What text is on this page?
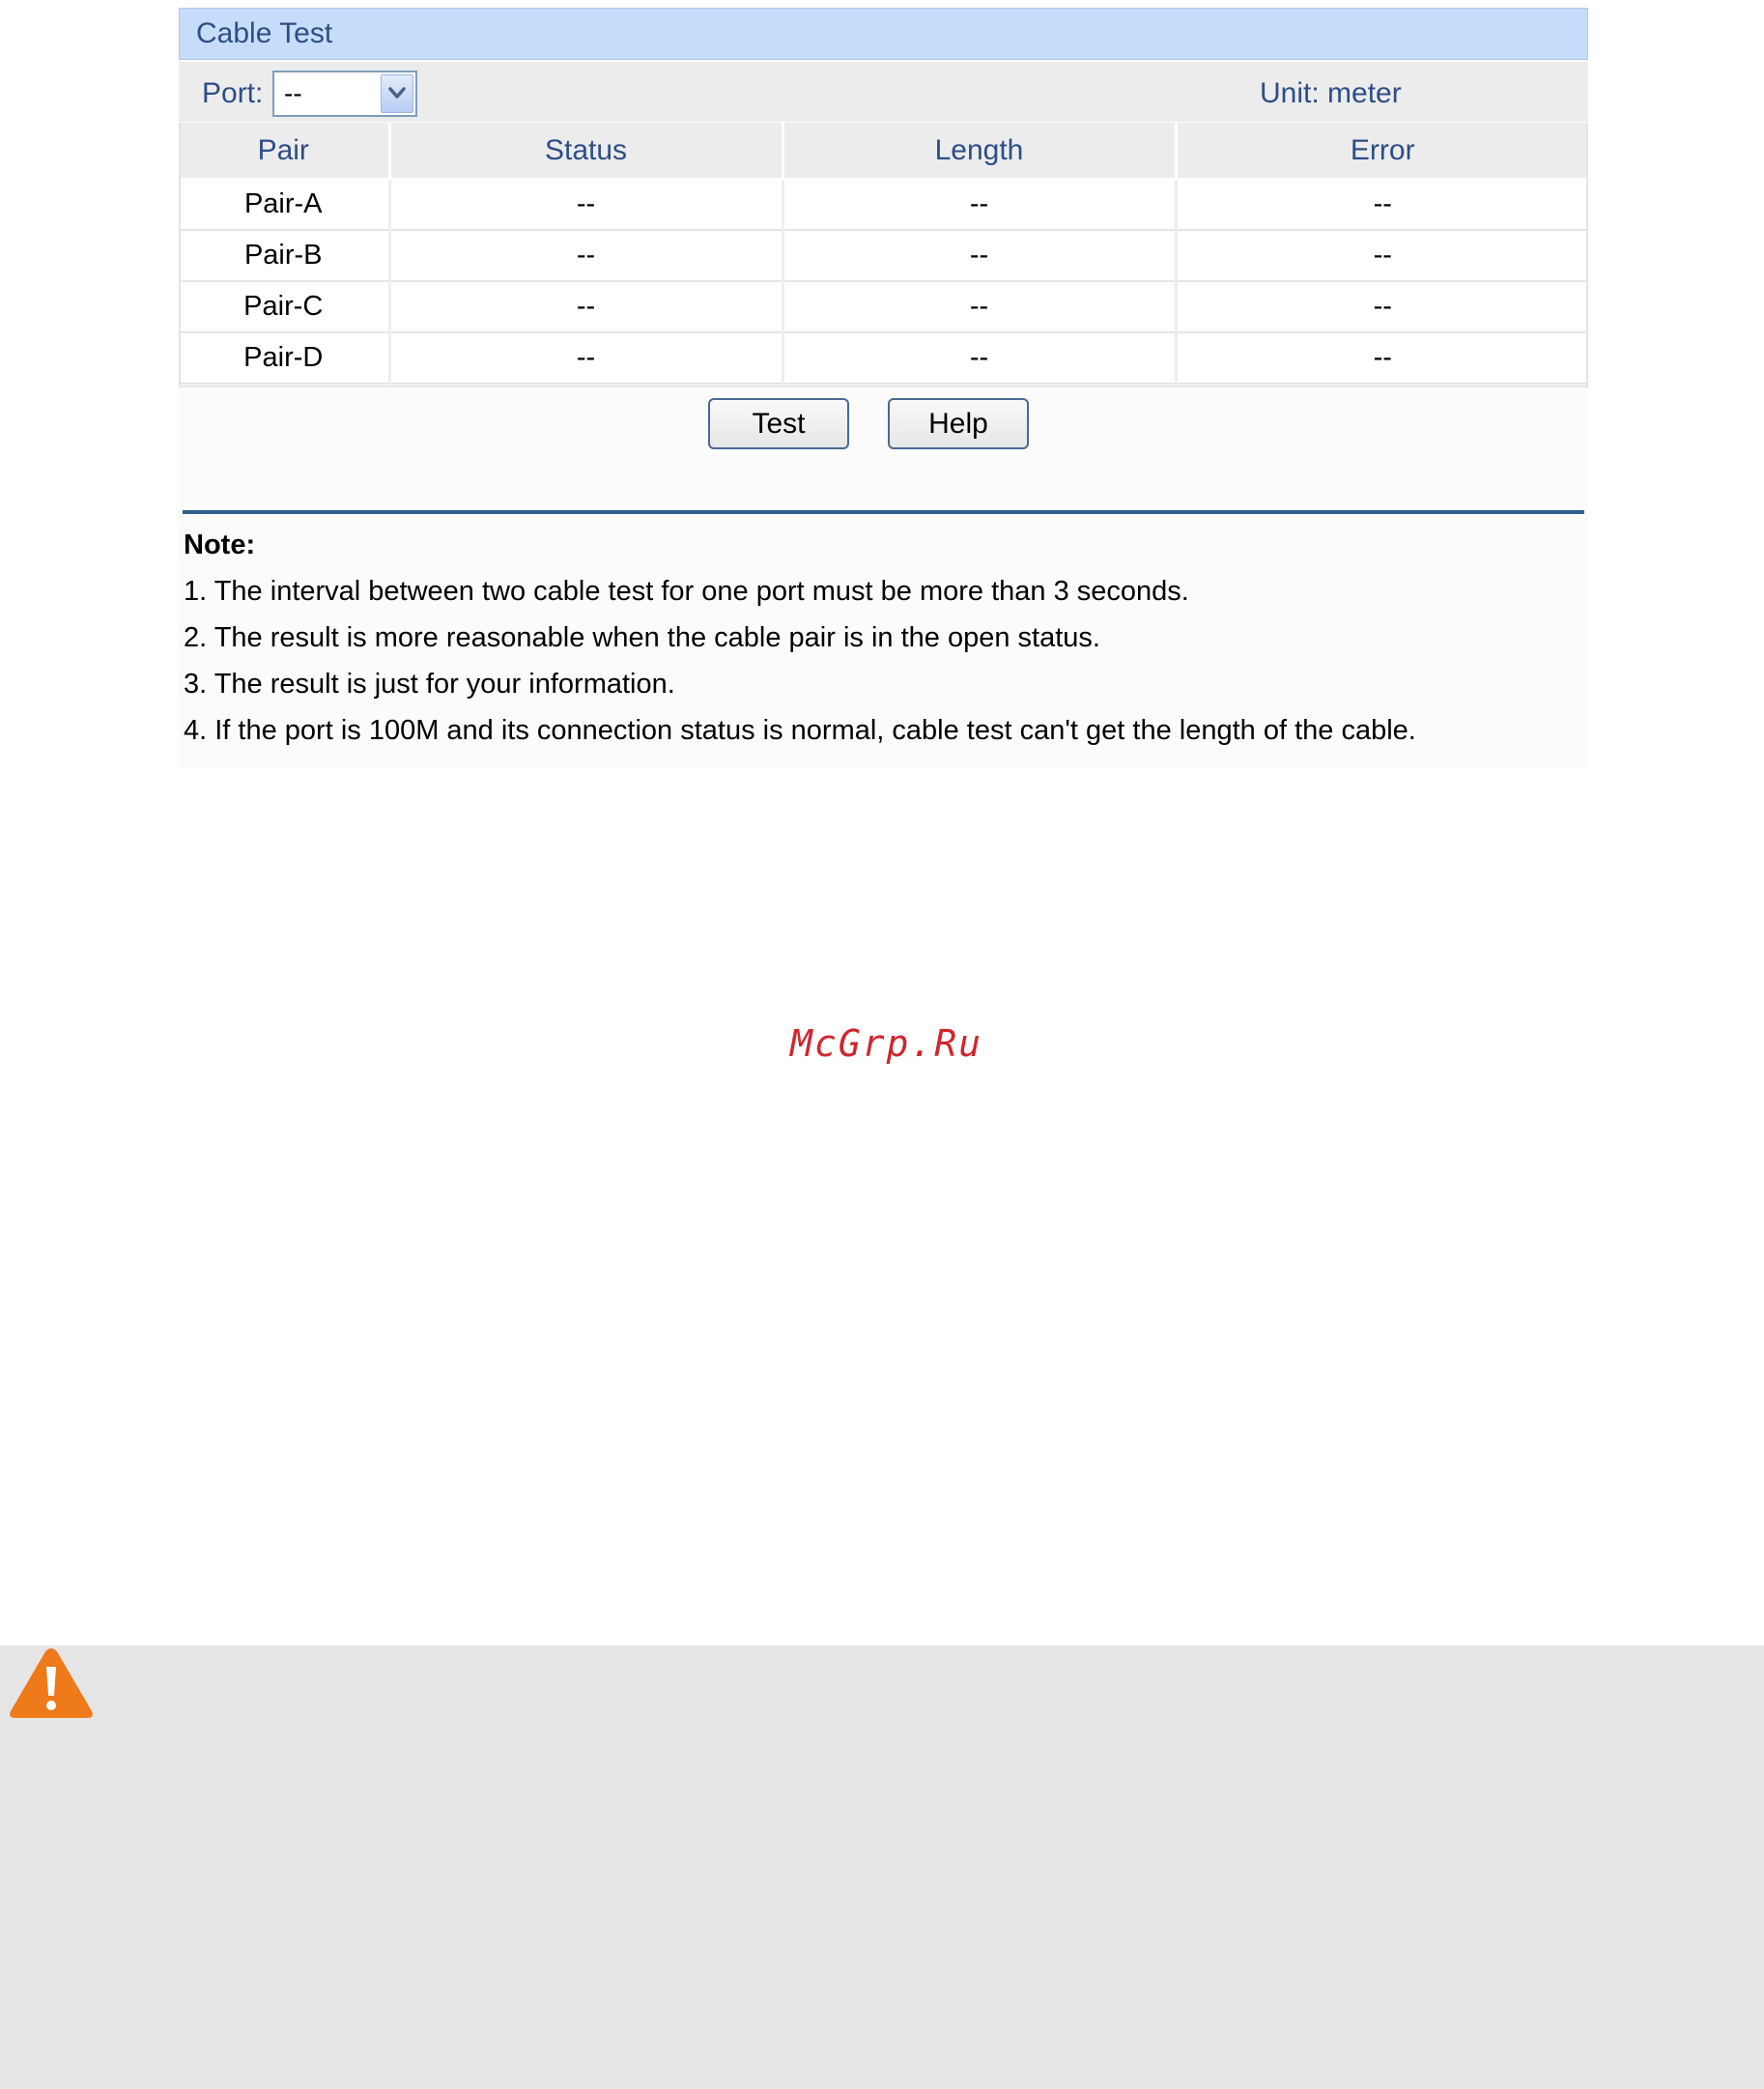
Cable Test
Port: --	Unit: meter
Pair	Status	Length	Error
Pair-A	--	--	--
Pair-B	--	--	--
Pair-C	--	--	--
Pair-D	--	--	--
Test	Help
Note:
1. The interval between two cable test for one port must be more than 3 seconds.
2. The result is more reasonable when the cable pair is in the open status.
3. The result is just for your information.
4. If the port is 100M and its connection status is normal, cable test can't get the length of the cable.
McGrp.Ru
